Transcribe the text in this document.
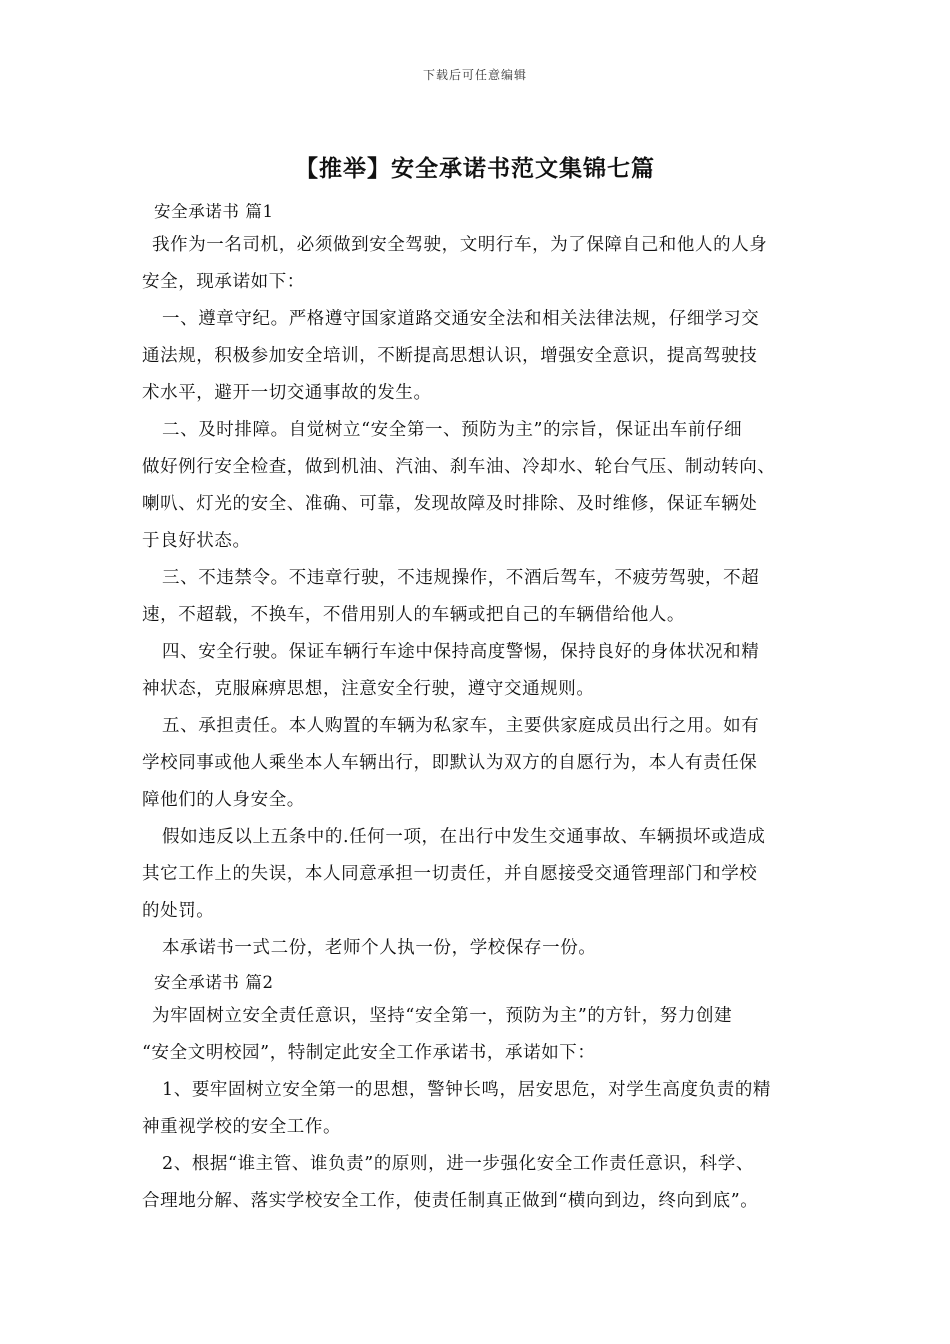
下载后可任意编辑
【推举】安全承诺书范文集锦七篇
安全承诺书 篇1
我作为一名司机，必须做到安全驾驶，文明行车，为了保障自己和他人的人身
安全，现承诺如下：
一、遵章守纪。严格遵守国家道路交通安全法和相关法律法规，仔细学习交
通法规，积极参加安全培训，不断提高思想认识，增强安全意识，提高驾驶技
术水平，避开一切交通事故的发生。
二、及时排障。自觉树立“安全第一、预防为主”的宗旨，保证出车前仔细
做好例行安全检查，做到机油、汽油、刹车油、冷却水、轮台气压、制动转向、
喇叭、灯光的安全、准确、可靠，发现故障及时排除、及时维修，保证车辆处
于良好状态。
三、不违禁令。不违章行驶，不违规操作，不酒后驾车，不疲劳驾驶，不超
速，不超载，不换车，不借用别人的车辆或把自己的车辆借给他人。
四、安全行驶。保证车辆行车途中保持高度警惕，保持良好的身体状况和精
神状态，克服麻痹思想，注意安全行驶，遵守交通规则。
五、承担责任。本人购置的车辆为私家车，主要供家庭成员出行之用。如有
学校同事或他人乘坐本人车辆出行，即默认为双方的自愿行为，本人有责任保
障他们的人身安全。
假如违反以上五条中的.任何一项，在出行中发生交通事故、车辆损坏或造成
其它工作上的失误，本人同意承担一切责任，并自愿接受交通管理部门和学校
的处罚。
本承诺书一式二份，老师个人执一份，学校保存一份。
安全承诺书 篇2
为牢固树立安全责任意识，坚持“安全第一，预防为主”的方针，努力创建
“安全文明校园”，特制定此安全工作承诺书，承诺如下：
1、要牢固树立安全第一的思想，警钟长鸣，居安思危，对学生高度负责的精
神重视学校的安全工作。
2、根据“谁主管、谁负责”的原则，进一步强化安全工作责任意识，科学、
合理地分解、落实学校安全工作，使责任制真正做到“横向到边，终向到底”。
